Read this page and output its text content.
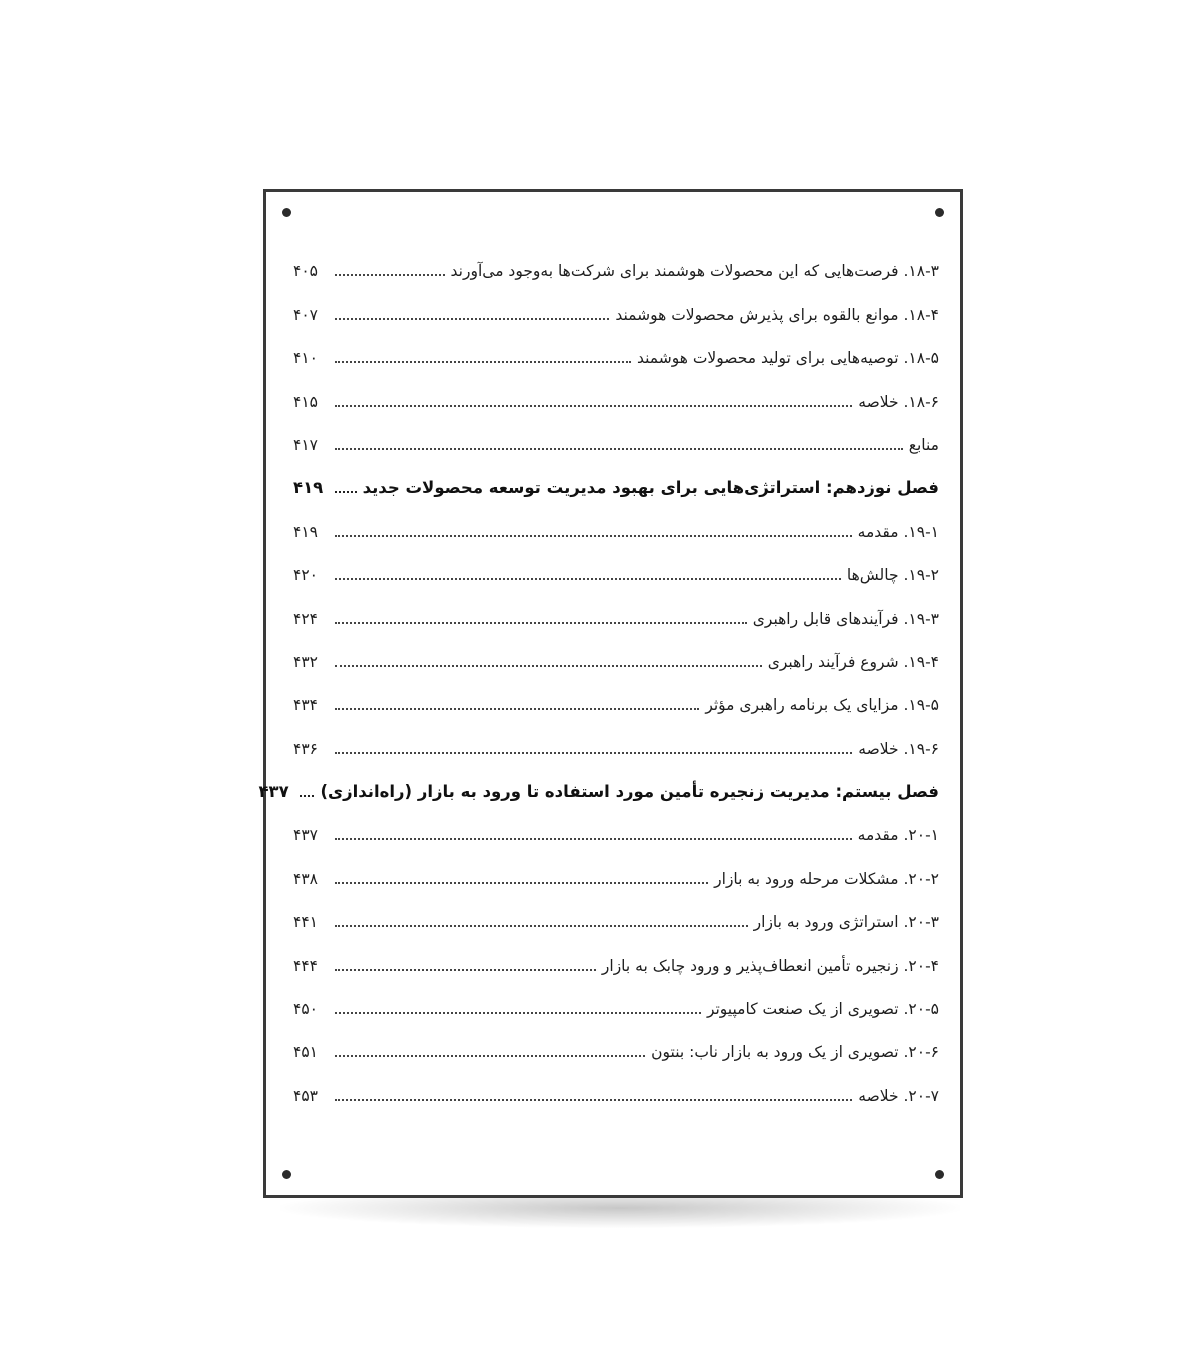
۱۸-۳. فرصت‌هایی که این محصولات هوشمند برای شرکت‌ها به‌وجود می‌آورند
۴۰۵
۱۸-۴. موانع بالقوه برای پذیرش محصولات هوشمند
۴۰۷
۱۸-۵. توصیه‌هایی برای تولید محصولات هوشمند
۴۱۰
۱۸-۶. خلاصه
۴۱۵
منابع
۴۱۷
فصل نوزدهم: استراتژی‌هایی برای بهبود مدیریت توسعه محصولات جدید
۴۱۹
۱۹-۱. مقدمه
۴۱۹
۱۹-۲. چالش‌ها
۴۲۰
۱۹-۳. فرآیندهای قابل راهبری
۴۲۴
۱۹-۴. شروع فرآیند راهبری
۴۳۲
۱۹-۵. مزایای یک برنامه راهبری مؤثر
۴۳۴
۱۹-۶. خلاصه
۴۳۶
فصل بیستم: مدیریت زنجیره تأمین مورد استفاده تا ورود به بازار (راه‌اندازی)
۴۳۷
۲۰-۱. مقدمه
۴۳۷
۲۰-۲. مشکلات مرحله ورود به بازار
۴۳۸
۲۰-۳. استراتژی ورود به بازار
۴۴۱
۲۰-۴. زنجیره تأمین انعطاف‌پذیر و ورود چابک به بازار
۴۴۴
۲۰-۵. تصویری از یک صنعت کامپیوتر
۴۵۰
۲۰-۶. تصویری از یک ورود به بازار ناب: بنتون
۴۵۱
۲۰-۷. خلاصه
۴۵۳
